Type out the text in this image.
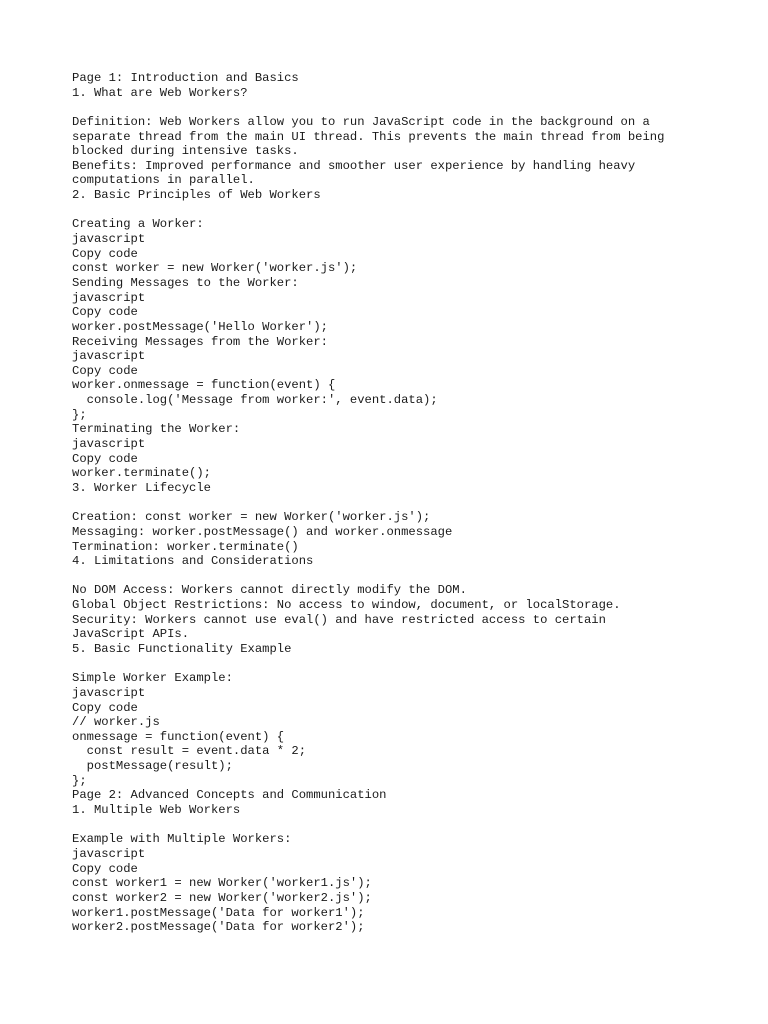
Page 1: Introduction and Basics
1. What are Web Workers?
Definition: Web Workers allow you to run JavaScript code in the background on a
separate thread from the main UI thread. This prevents the main thread from being
blocked during intensive tasks.
Benefits: Improved performance and smoother user experience by handling heavy
computations in parallel.
2. Basic Principles of Web Workers
Creating a Worker:
javascript
Copy code
const worker = new Worker('worker.js');
Sending Messages to the Worker:
javascript
Copy code
worker.postMessage('Hello Worker');
Receiving Messages from the Worker:
javascript
Copy code
worker.onmessage = function(event) {
console.log('Message from worker:', event.data);
};
Terminating the Worker:
javascript
Copy code
worker.terminate();
3. Worker Lifecycle
Creation: const worker = new Worker('worker.js');
Messaging: worker.postMessage() and worker.onmessage
Termination: worker.terminate()
4. Limitations and Considerations
No DOM Access: Workers cannot directly modify the DOM.
Global Object Restrictions: No access to window, document, or localStorage.
Security: Workers cannot use eval() and have restricted access to certain
JavaScript APIs.
5. Basic Functionality Example
Simple Worker Example:
javascript
Copy code
// worker.js
onmessage = function(event) {
const result = event.data * 2;
postMessage(result);
};
Page 2: Advanced Concepts and Communication
1. Multiple Web Workers
Example with Multiple Workers:
javascript
Copy code
const worker1 = new Worker('worker1.js');
const worker2 = new Worker('worker2.js');
worker1.postMessage('Data for worker1');
worker2.postMessage('Data for worker2');
